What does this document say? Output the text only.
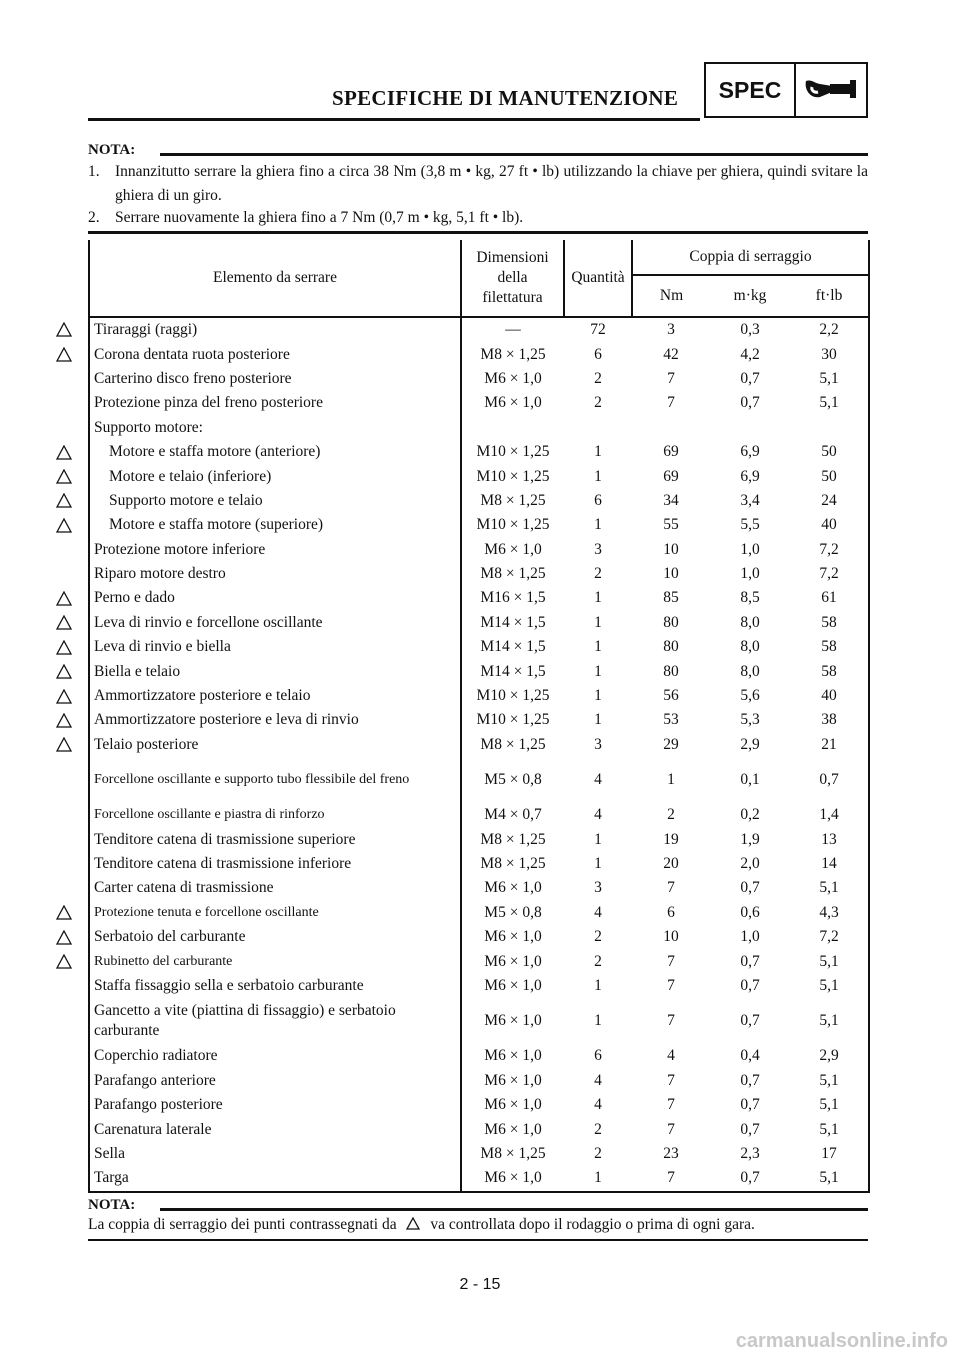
SPECIFICHE DI MANUTENZIONE	SPEC
NOTA:
1. Innanzitutto serrare la ghiera fino a circa 38 Nm (3,8 m • kg, 27 ft • lb) utilizzando la chiave per ghiera, quindi svitare la ghiera di un giro.
2. Serrare nuovamente la ghiera fino a 7 Nm (0,7 m • kg, 5,1 ft • lb).
Elemento da serrare	Dimensioni
della
filettatura	Quantità	Coppia di serraggio		
			Nm	m·kg	ft·lb
Tiraraggi (raggi)	—	72	3	0,3	2,2
Corona dentata ruota posteriore	M8 × 1,25	6	42	4,2	30
Carterino disco freno posteriore	M6 × 1,0	2	7	0,7	5,1
Protezione pinza del freno posteriore	M6 × 1,0	2	7	0,7	5,1
Supporto motore:					
Motore e staffa motore (anteriore)	M10 × 1,25	1	69	6,9	50
Motore e telaio (inferiore)	M10 × 1,25	1	69	6,9	50
Supporto motore e telaio	M8 × 1,25	6	34	3,4	24
Motore e staffa motore (superiore)	M10 × 1,25	1	55	5,5	40
Protezione motore inferiore	M6 × 1,0	3	10	1,0	7,2
Riparo motore destro	M8 × 1,25	2	10	1,0	7,2
Perno e dado	M16 × 1,5	1	85	8,5	61
Leva di rinvio e forcellone oscillante	M14 × 1,5	1	80	8,0	58
Leva di rinvio e biella	M14 × 1,5	1	80	8,0	58
Biella e telaio	M14 × 1,5	1	80	8,0	58
Ammortizzatore posteriore e telaio	M10 × 1,25	1	56	5,6	40
Ammortizzatore posteriore e leva di rinvio	M10 × 1,25	1	53	5,3	38
Telaio posteriore	M8 × 1,25	3	29	2,9	21
Forcellone oscillante e supporto tubo flessibile del freno	M5 × 0,8	4	1	0,1	0,7
Forcellone oscillante e piastra di rinforzo	M4 × 0,7	4	2	0,2	1,4
Tenditore catena di trasmissione superiore	M8 × 1,25	1	19	1,9	13
Tenditore catena di trasmissione inferiore	M8 × 1,25	1	20	2,0	14
Carter catena di trasmissione	M6 × 1,0	3	7	0,7	5,1
Protezione tenuta e forcellone oscillante	M5 × 0,8	4	6	0,6	4,3
Serbatoio del carburante	M6 × 1,0	2	10	1,0	7,2
Rubinetto del carburante	M6 × 1,0	2	7	0,7	5,1
Staffa fissaggio sella e serbatoio carburante	M6 × 1,0	1	7	0,7	5,1
Gancetto a vite (piattina di fissaggio) e serbatoio carburante	M6 × 1,0	1	7	0,7	5,1
Coperchio radiatore	M6 × 1,0	6	4	0,4	2,9
Parafango anteriore	M6 × 1,0	4	7	0,7	5,1
Parafango posteriore	M6 × 1,0	4	7	0,7	5,1
Carenatura laterale	M6 × 1,0	2	7	0,7	5,1
Sella	M8 × 1,25	2	23	2,3	17
Targa	M6 × 1,0	1	7	0,7	5,1
NOTA:
La coppia di serraggio dei punti contrassegnati da va controllata dopo il rodaggio o prima di ogni gara.
2 - 15
carmanualsonline.info
